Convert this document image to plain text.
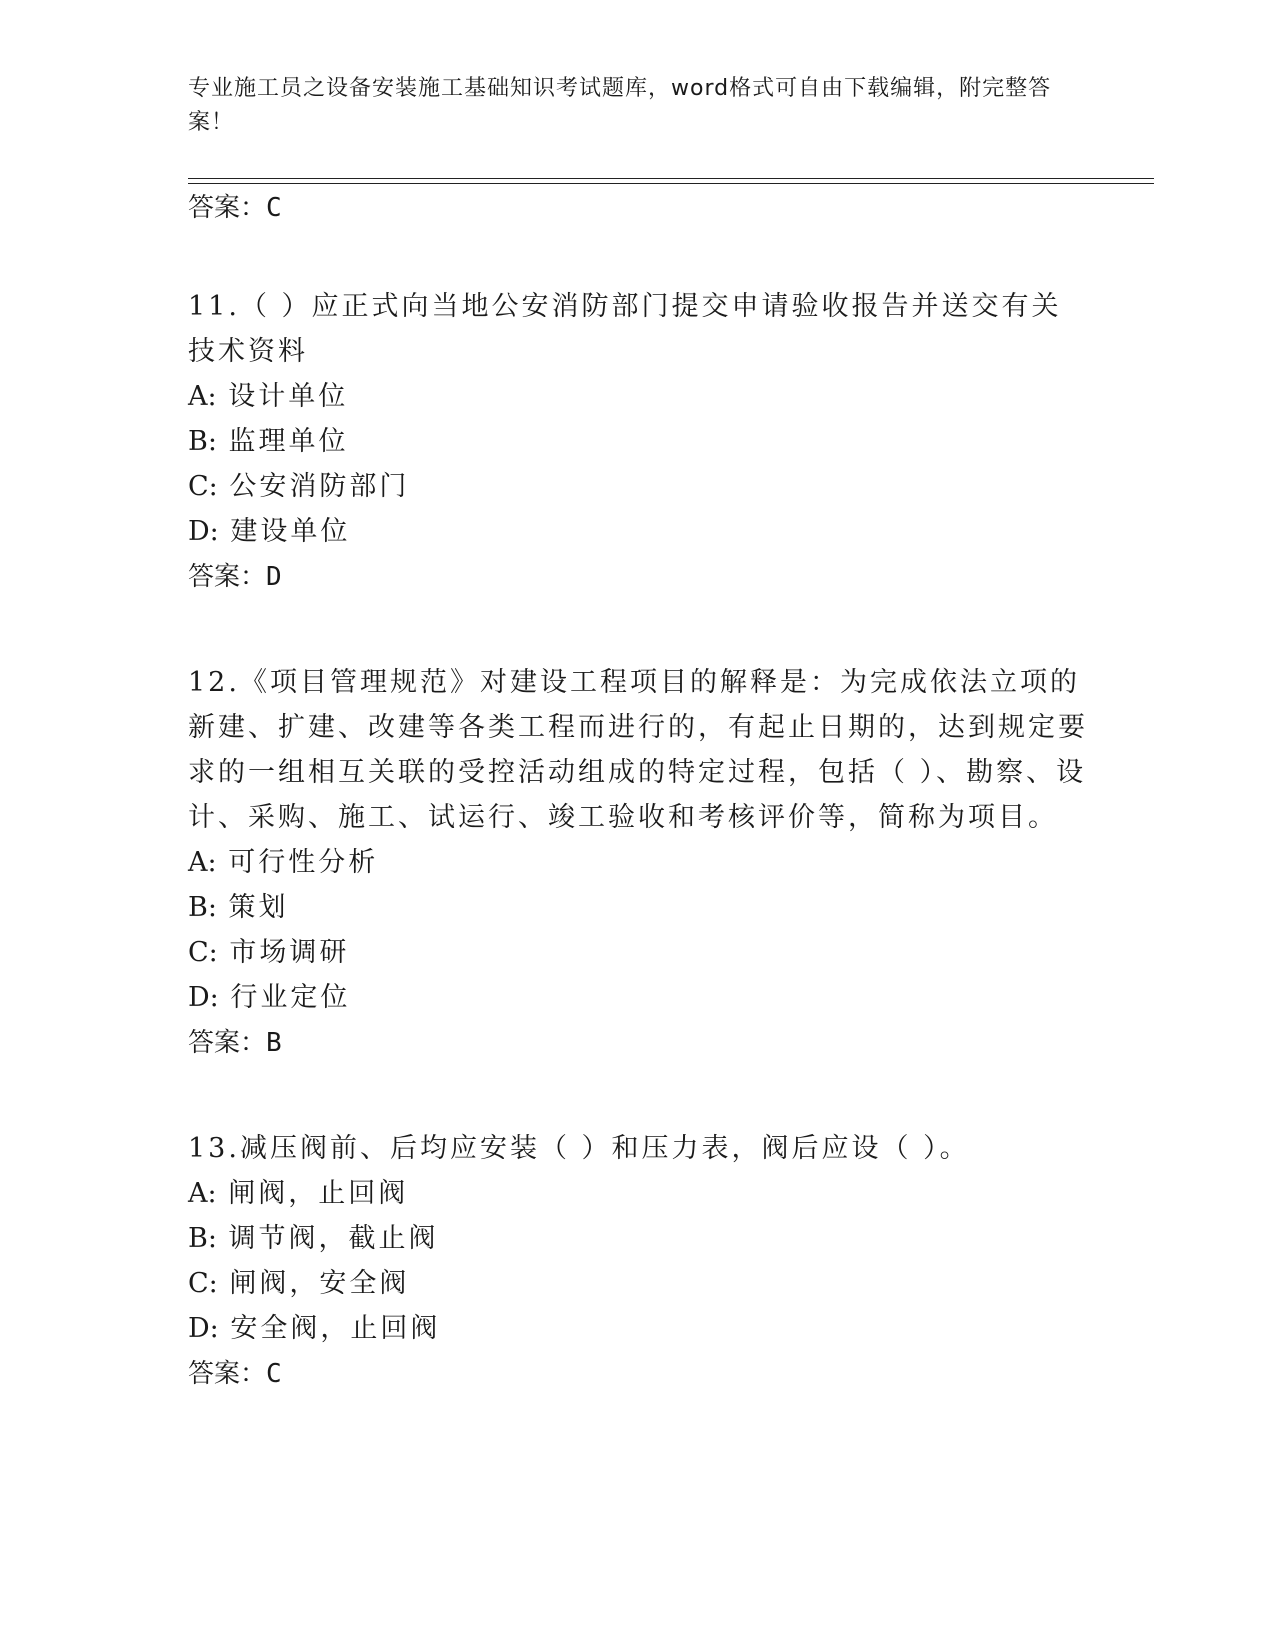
专业施工员之设备安装施工基础知识考试题库，word格式可自由下载编辑，附完整答案！
答案：C
11.（ ）应正式向当地公安消防部门提交申请验收报告并送交有关技术资料
A: 设计单位
B: 监理单位
C: 公安消防部门
D: 建设单位
答案：D
12.《项目管理规范》对建设工程项目的解释是：为完成依法立项的新建、扩建、改建等各类工程而进行的，有起止日期的，达到规定要求的一组相互关联的受控活动组成的特定过程，包括（ ）、勘察、设计、采购、施工、试运行、竣工验收和考核评价等，简称为项目。
A: 可行性分析
B: 策划
C: 市场调研
D: 行业定位
答案：B
13.减压阀前、后均应安装（ ）和压力表，阀后应设（ ）。
A: 闸阀，止回阀
B: 调节阀，截止阀
C: 闸阀，安全阀
D: 安全阀，止回阀
答案：C
